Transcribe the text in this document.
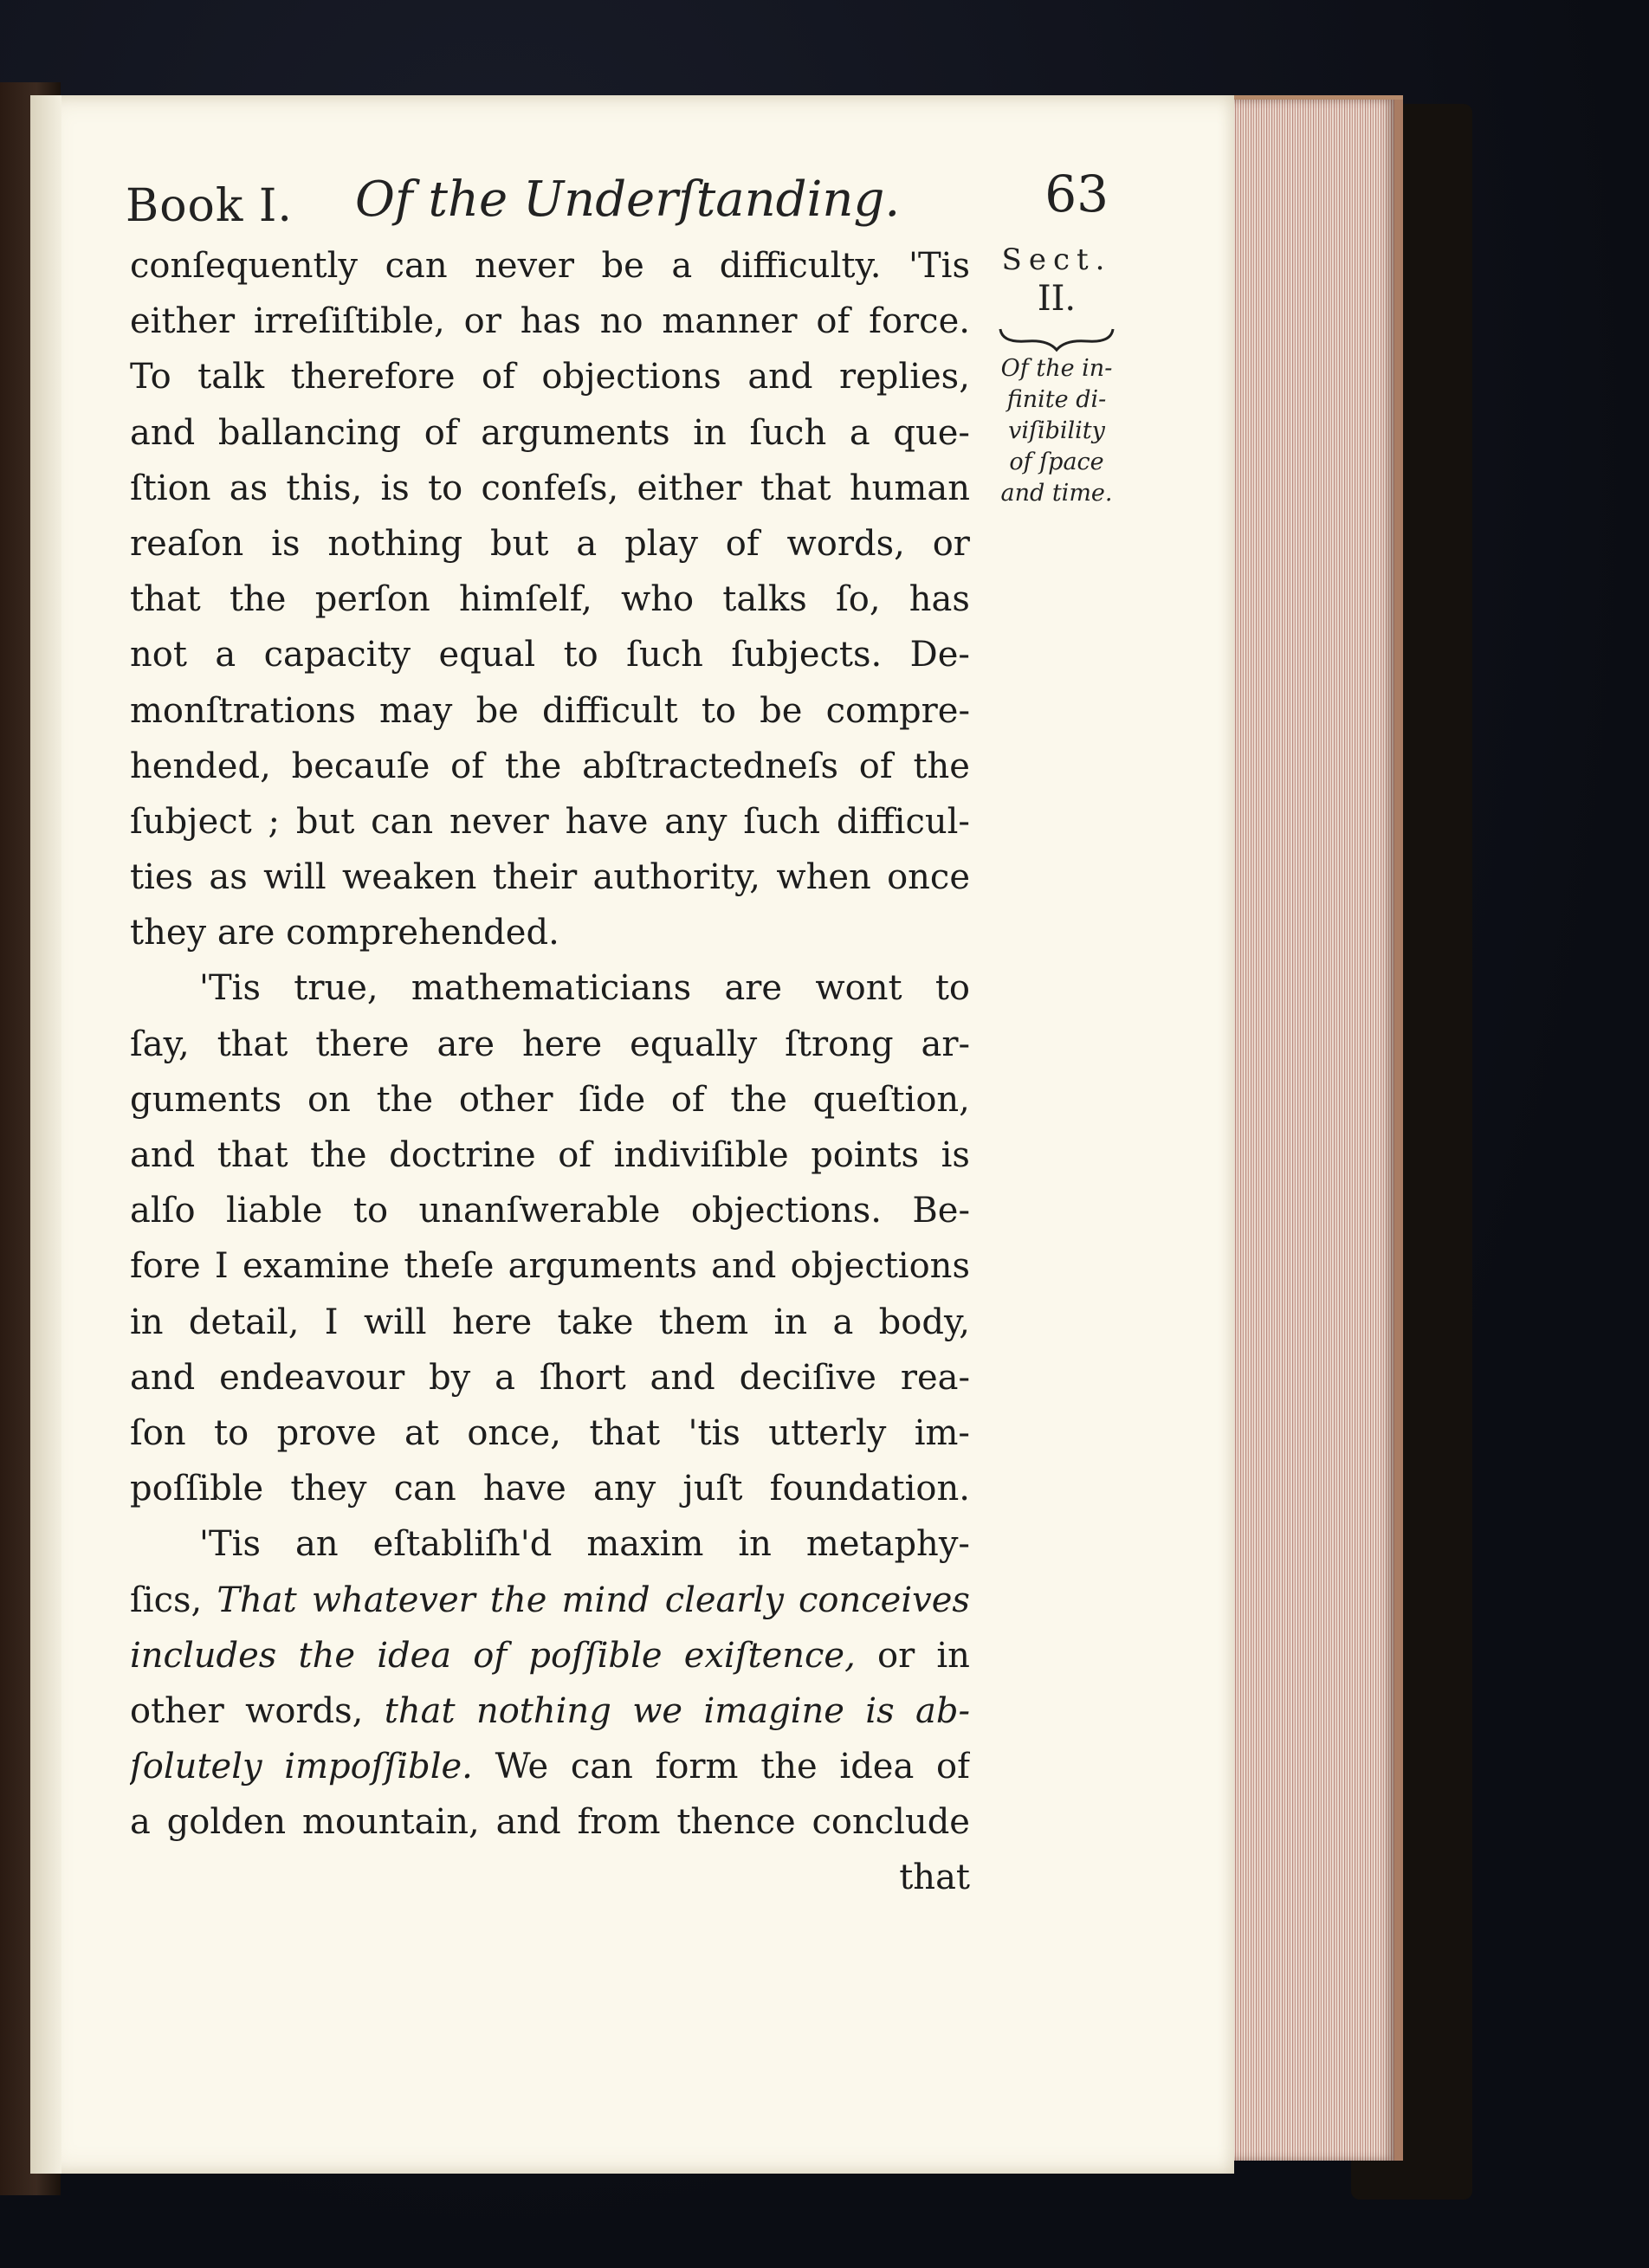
Book I. Of the Underſtanding.	63
Sect.
II.
Of the in-
finite di-
viſibility
of ſpace
and time.
conſequently can never be a difficulty. 'Tis
either irreſiſtible, or has no manner of force.
To talk therefore of objections and replies,
and ballancing of arguments in ſuch a que-
ſtion as this, is to confeſs, either that human
reaſon is nothing but a play of words, or
that the perſon himſelf, who talks ſo, has
not a capacity equal to ſuch ſubjects. De-
monſtrations may be difficult to be compre-
hended, becauſe of the abſtractedneſs of the
ſubject ; but can never have any ſuch difficul-
ties as will weaken their authority, when once
they are comprehended.
'Tis true, mathematicians are wont to
ſay, that there are here equally ſtrong ar-
guments on the other ſide of the queſtion,
and that the doctrine of indiviſible points is
alſo liable to unanſwerable objections. Be-
fore I examine theſe arguments and objections
in detail, I will here take them in a body,
and endeavour by a ſhort and deciſive rea-
ſon to prove at once, that 'tis utterly im-
poſſible they can have any juſt foundation.
'Tis an eſtabliſh'd maxim in metaphy-
ſics, That whatever the mind clearly conceives
includes the idea of poſſible exiſtence, or in
other words, that nothing we imagine is ab-
ſolutely impoſſible. We can form the idea of
a golden mountain, and from thence conclude
that
